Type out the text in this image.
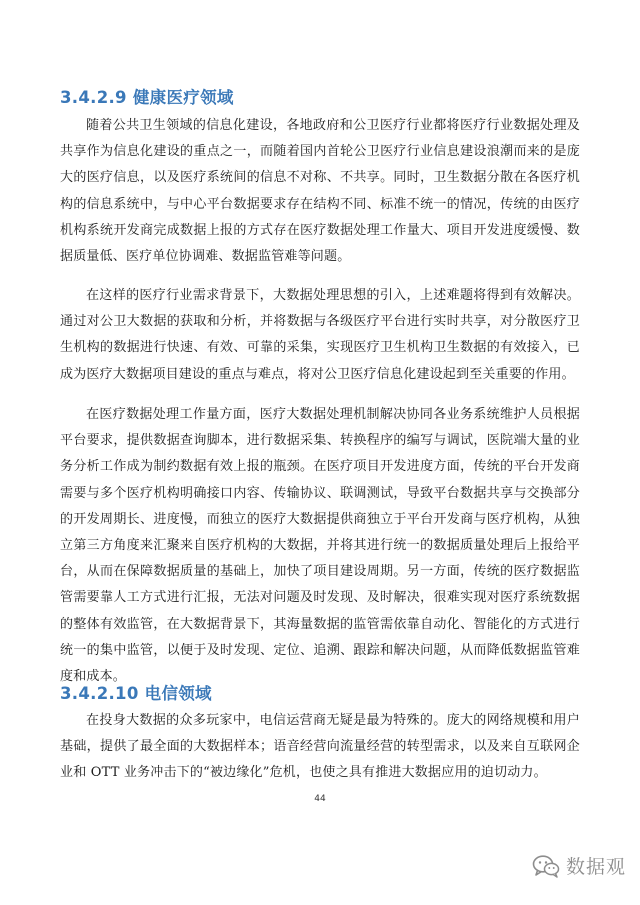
3.4.2.9 健康医疗领域
随着公共卫生领域的信息化建设，各地政府和公卫医疗行业都将医疗行业数据处理及共享作为信息化建设的重点之一，而随着国内首轮公卫医疗行业信息建设浪潮而来的是庞大的医疗信息，以及医疗系统间的信息不对称、不共享。同时，卫生数据分散在各医疗机构的信息系统中，与中心平台数据要求存在结构不同、标准不统一的情况，传统的由医疗机构系统开发商完成数据上报的方式存在医疗数据处理工作量大、项目开发进度缓慢、数据质量低、医疗单位协调难、数据监管难等问题。
在这样的医疗行业需求背景下，大数据处理思想的引入，上述难题将得到有效解决。通过对公卫大数据的获取和分析，并将数据与各级医疗平台进行实时共享，对分散医疗卫生机构的数据进行快速、有效、可靠的采集，实现医疗卫生机构卫生数据的有效接入，已成为医疗大数据项目建设的重点与难点，将对公卫医疗信息化建设起到至关重要的作用。
在医疗数据处理工作量方面，医疗大数据处理机制解决协同各业务系统维护人员根据平台要求，提供数据查询脚本，进行数据采集、转换程序的编写与调试，医院端大量的业务分析工作成为制约数据有效上报的瓶颈。在医疗项目开发进度方面，传统的平台开发商需要与多个医疗机构明确接口内容、传输协议、联调测试，导致平台数据共享与交换部分的开发周期长、进度慢，而独立的医疗大数据提供商独立于平台开发商与医疗机构，从独立第三方角度来汇聚来自医疗机构的大数据，并将其进行统一的数据质量处理后上报给平台，从而在保障数据质量的基础上，加快了项目建设周期。另一方面，传统的医疗数据监管需要靠人工方式进行汇报，无法对问题及时发现、及时解决，很难实现对医疗系统数据的整体有效监管，在大数据背景下，其海量数据的监管需依靠自动化、智能化的方式进行统一的集中监管，以便于及时发现、定位、追溯、跟踪和解决问题，从而降低数据监管难度和成本。
3.4.2.10 电信领域
在投身大数据的众多玩家中，电信运营商无疑是最为特殊的。庞大的网络规模和用户基础，提供了最全面的大数据样本；语音经营向流量经营的转型需求，以及来自互联网企业和 OTT 业务冲击下的“被边缘化”危机，也使之具有推进大数据应用的迫切动力。
44
数据观
